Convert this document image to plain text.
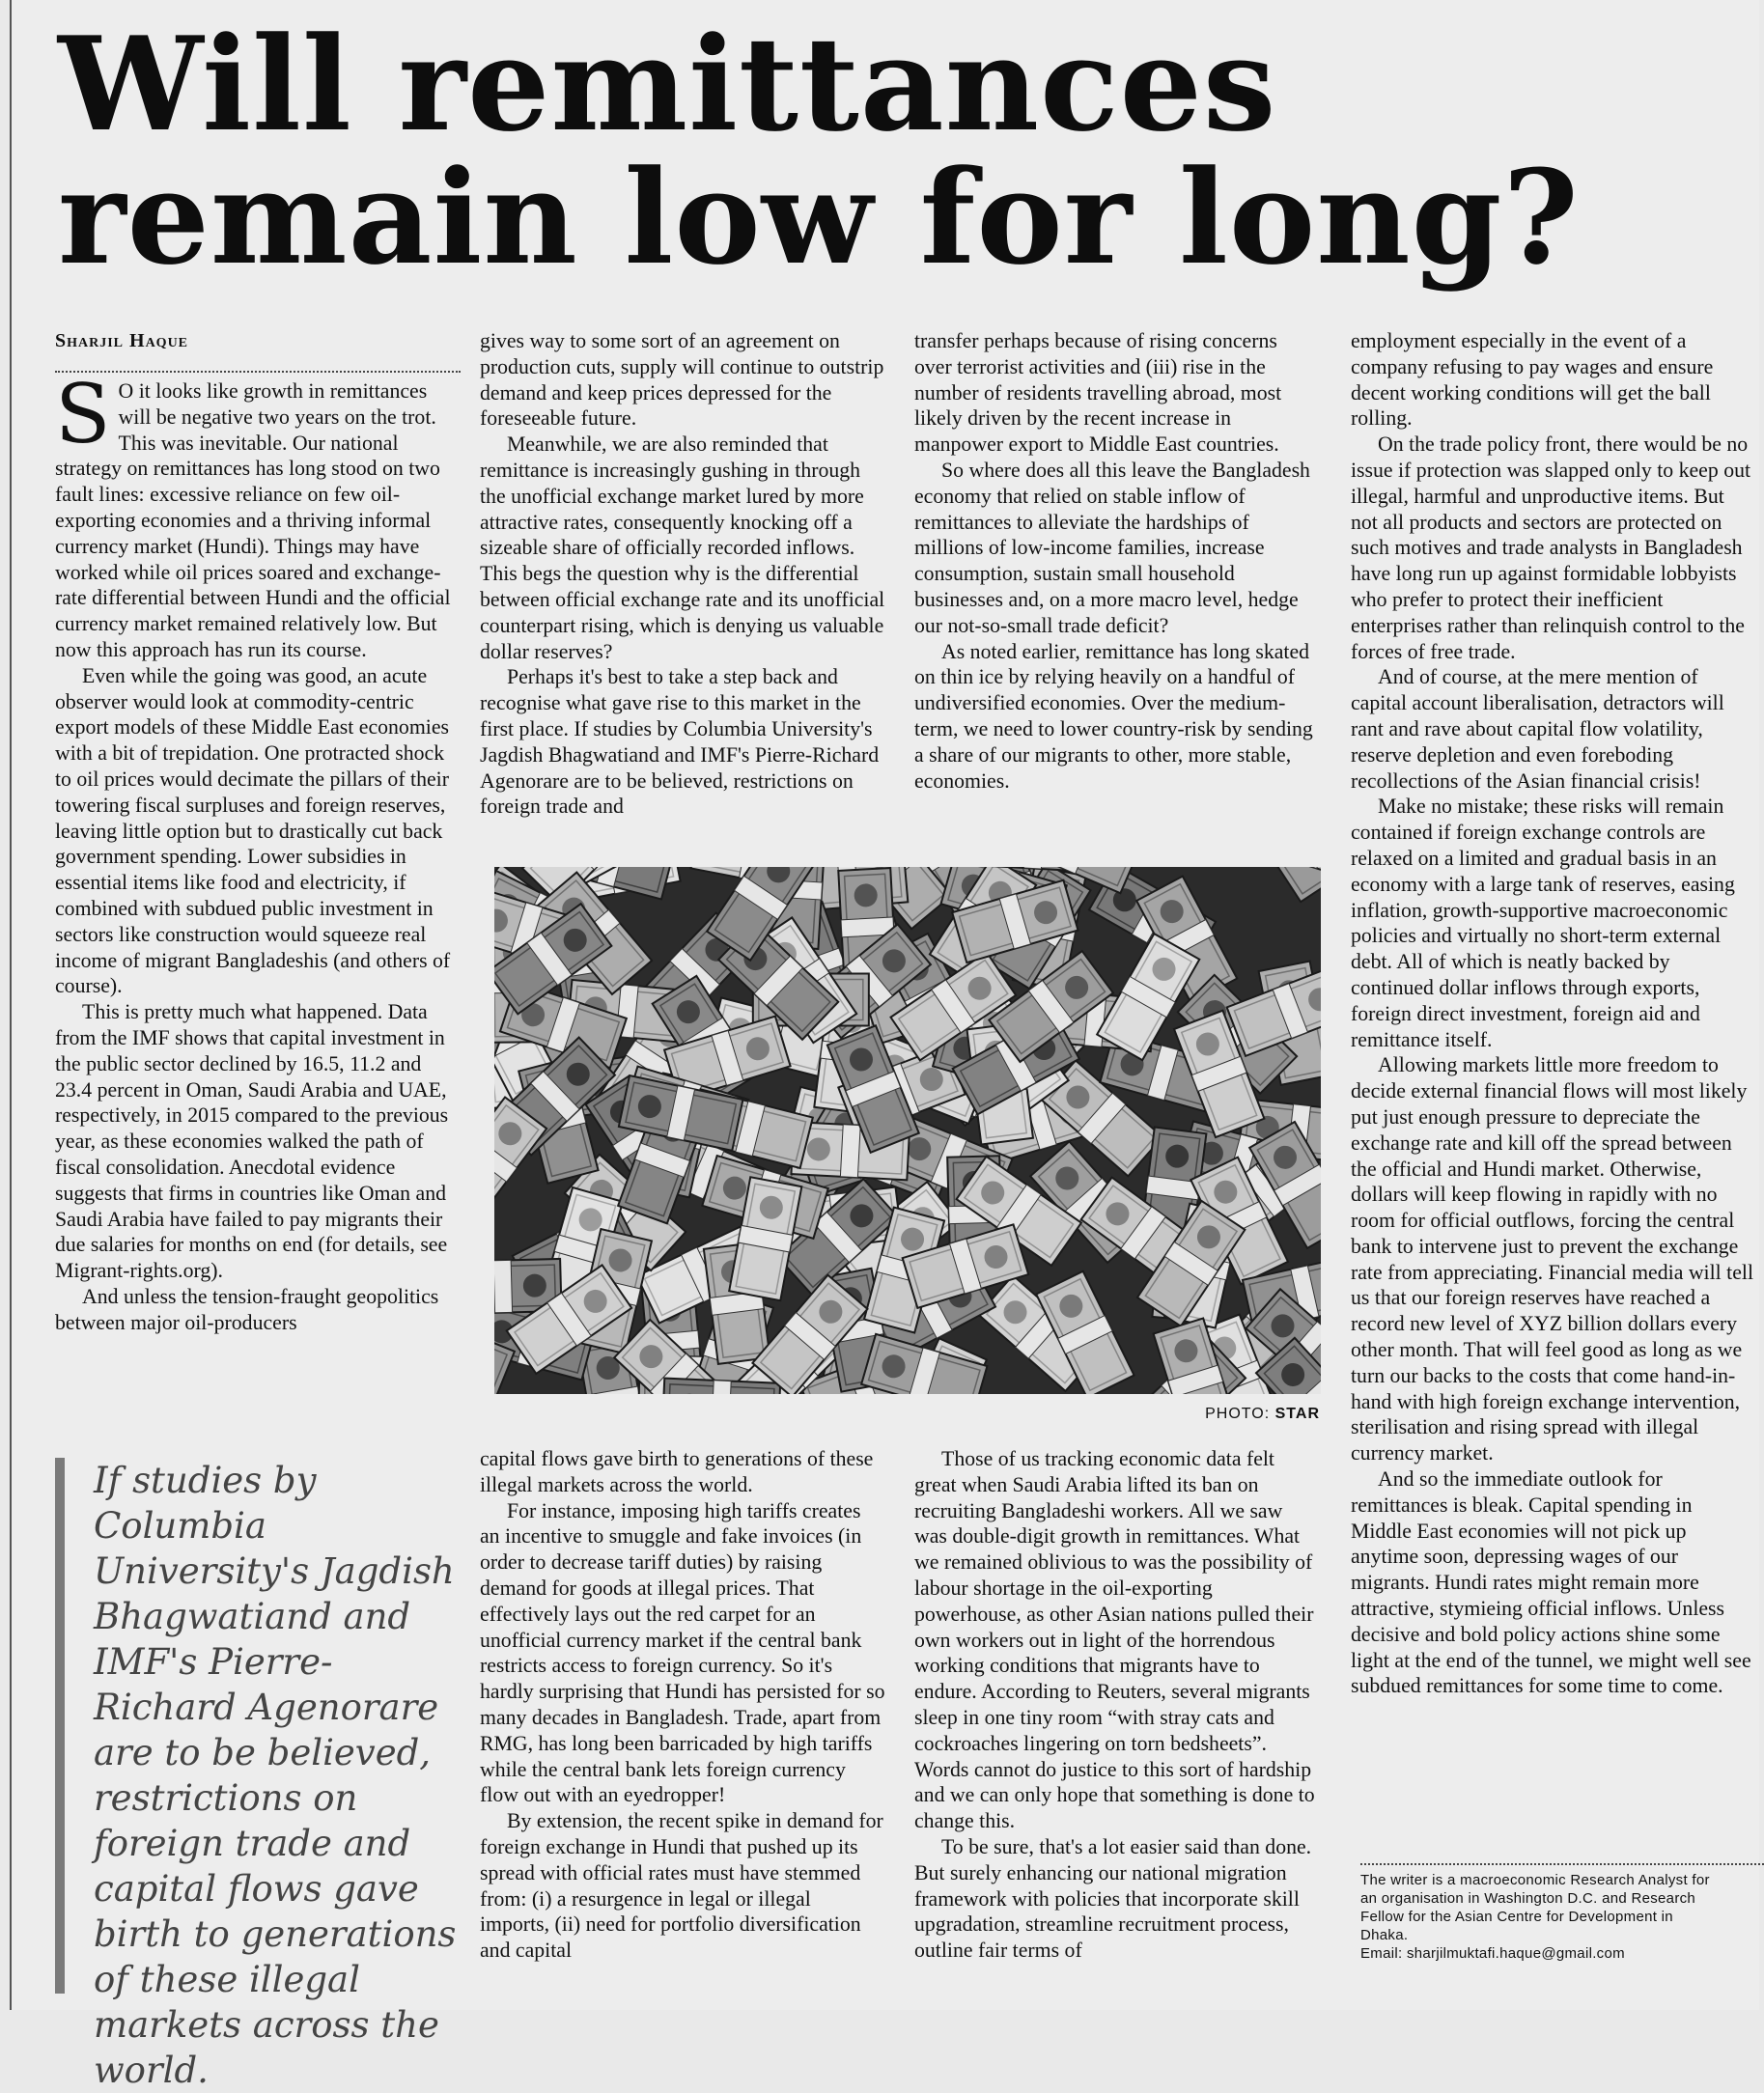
Will remittances remain low for long?
Sharjil Haque

S O it looks like growth in remittances will be negative two years on the trot. This was inevitable. Our national strategy on remittances has long stood on two fault lines: excessive reliance on few oil-exporting economies and a thriving informal currency market (Hundi). Things may have worked while oil prices soared and exchange-rate differential between Hundi and the official currency market remained relatively low. But now this approach has run its course.

Even while the going was good, an acute observer would look at commodity-centric export models of these Middle East economies with a bit of trepidation. One protracted shock to oil prices would decimate the pillars of their towering fiscal surpluses and foreign reserves, leaving little option but to drastically cut back government spending. Lower subsidies in essential items like food and electricity, if combined with subdued public investment in sectors like construction would squeeze real income of migrant Bangladeshis (and others of course).

This is pretty much what happened. Data from the IMF shows that capital investment in the public sector declined by 16.5, 11.2 and 23.4 percent in Oman, Saudi Arabia and UAE, respectively, in 2015 compared to the previous year, as these economies walked the path of fiscal consolidation. Anecdotal evidence suggests that firms in countries like Oman and Saudi Arabia have failed to pay migrants their due salaries for months on end (for details, see Migrant-rights.org).

And unless the tension-fraught geopolitics between major oil-producers

gives way to some sort of an agreement on production cuts, supply will continue to outstrip demand and keep prices depressed for the foreseeable future.

Meanwhile, we are also reminded that remittance is increasingly gushing in through the unofficial exchange market lured by more attractive rates, consequently knocking off a sizeable share of officially recorded inflows. This begs the question why is the differential between official exchange rate and its unofficial counterpart rising, which is denying us valuable dollar reserves?

Perhaps it's best to take a step back and recognise what gave rise to this market in the first place. If studies by Columbia University's Jagdish Bhagwatiand and IMF's Pierre-Richard Agenorare are to be believed, restrictions on foreign trade and

transfer perhaps because of rising concerns over terrorist activities and (iii) rise in the number of residents travelling abroad, most likely driven by the recent increase in manpower export to Middle East countries.

So where does all this leave the Bangladesh economy that relied on stable inflow of remittances to alleviate the hardships of millions of low-income families, increase consumption, sustain small household businesses and, on a more macro level, hedge our not-so-small trade deficit?

As noted earlier, remittance has long skated on thin ice by relying heavily on a handful of undiversified economies. Over the medium-term, we need to lower country-risk by sending a share of our migrants to other, more stable, economies.

employment especially in the event of a company refusing to pay wages and ensure decent working conditions will get the ball rolling.

On the trade policy front, there would be no issue if protection was slapped only to keep out illegal, harmful and unproductive items. But not all products and sectors are protected on such motives and trade analysts in Bangladesh have long run up against formidable lobbyists who prefer to protect their inefficient enterprises rather than relinquish control to the forces of free trade.

And of course, at the mere mention of capital account liberalisation, detractors will rant and rave about capital flow volatility, reserve depletion and even foreboding recollections of the Asian financial crisis!

Make no mistake; these risks will remain contained if foreign exchange controls are relaxed on a limited and gradual basis in an economy with a large tank of reserves, easing inflation, growth-supportive macroeconomic policies and virtually no short-term external debt. All of which is neatly backed by continued dollar inflows through exports, foreign direct investment, foreign aid and remittance itself.

Allowing markets little more freedom to decide external financial flows will most likely put just enough pressure to depreciate the exchange rate and kill off the spread between the official and Hundi market. Otherwise, dollars will keep flowing in rapidly with no room for official outflows, forcing the central bank to intervene just to prevent the exchange rate from appreciating. Financial media will tell us that our foreign reserves have reached a record new level of XYZ billion dollars every other month. That will feel good as long as we turn our backs to the costs that come hand-in-hand with high foreign exchange intervention, sterilisation and rising spread with illegal currency market.

And so the immediate outlook for remittances is bleak. Capital spending in Middle East economies will not pick up anytime soon, depressing wages of our migrants. Hundi rates might remain more attractive, stymieing official inflows. Unless decisive and bold policy actions shine some light at the end of the tunnel, we might well see subdued remittances for some time to come.

PHOTO: STAR
If studies by Columbia University's Jagdish Bhagwatiand and IMF's Pierre-Richard Agenorare are to be believed, restrictions on foreign trade and capital flows gave birth to generations of these illegal markets across the world.

capital flows gave birth to generations of these illegal markets across the world.

For instance, imposing high tariffs creates an incentive to smuggle and fake invoices (in order to decrease tariff duties) by raising demand for goods at illegal prices. That effectively lays out the red carpet for an unofficial currency market if the central bank restricts access to foreign currency. So it's hardly surprising that Hundi has persisted for so many decades in Bangladesh. Trade, apart from RMG, has long been barricaded by high tariffs while the central bank lets foreign currency flow out with an eyedropper!

By extension, the recent spike in demand for foreign exchange in Hundi that pushed up its spread with official rates must have stemmed from: (i) a resurgence in legal or illegal imports, (ii) need for portfolio diversification and capital

Those of us tracking economic data felt great when Saudi Arabia lifted its ban on recruiting Bangladeshi workers. All we saw was double-digit growth in remittances. What we remained oblivious to was the possibility of labour shortage in the oil-exporting powerhouse, as other Asian nations pulled their own workers out in light of the horrendous working conditions that migrants have to endure. According to Reuters, several migrants sleep in one tiny room “with stray cats and cockroaches lingering on torn bedsheets”. Words cannot do justice to this sort of hardship and we can only hope that something is done to change this.

To be sure, that's a lot easier said than done. But surely enhancing our national migration framework with policies that incorporate skill upgradation, streamline recruitment process, outline fair terms of

The writer is a macroeconomic Research Analyst for
an organisation in Washington D.C. and Research
Fellow for the Asian Centre for Development in
Dhaka.
Email: sharjilmuktafi.haque@gmail.com
